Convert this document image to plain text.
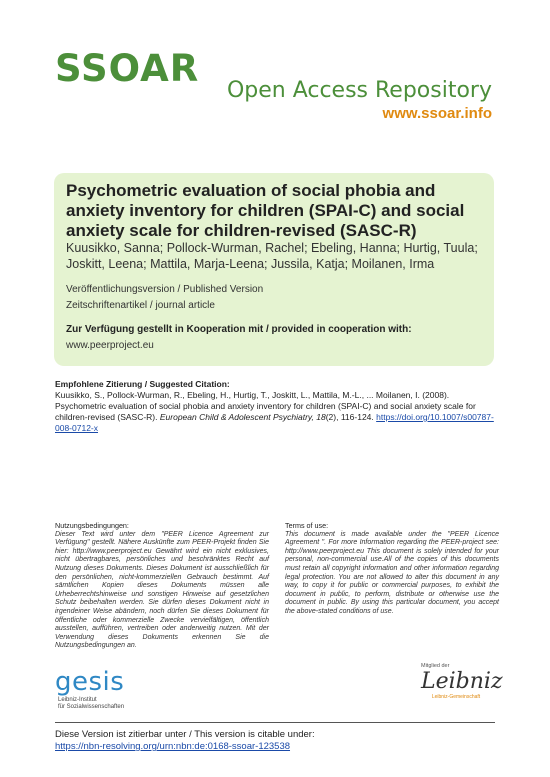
SSOAR
Open Access Repository
www.ssoar.info
Psychometric evaluation of social phobia and anxiety inventory for children (SPAI-C) and social anxiety scale for children-revised (SASC-R)
Kuusikko, Sanna; Pollock-Wurman, Rachel; Ebeling, Hanna; Hurtig, Tuula; Joskitt, Leena; Mattila, Marja-Leena; Jussila, Katja; Moilanen, Irma
Veröffentlichungsversion / Published Version
Zeitschriftenartikel / journal article
Zur Verfügung gestellt in Kooperation mit / provided in cooperation with:
www.peerproject.eu
Empfohlene Zitierung / Suggested Citation:
Kuusikko, S., Pollock-Wurman, R., Ebeling, H., Hurtig, T., Joskitt, L., Mattila, M.-L., ... Moilanen, I. (2008). Psychometric evaluation of social phobia and anxiety inventory for children (SPAI-C) and social anxiety scale for children-revised (SASC-R). European Child & Adolescent Psychiatry, 18(2), 116-124. https://doi.org/10.1007/s00787-008-0712-x
Nutzungsbedingungen:
Dieser Text wird unter dem "PEER Licence Agreement zur Verfügung" gestellt. Nähere Auskünfte zum PEER-Projekt finden Sie hier: http://www.peerproject.eu Gewährt wird ein nicht exklusives, nicht übertragbares, persönliches und beschränktes Recht auf Nutzung dieses Dokuments. Dieses Dokument ist ausschließlich für den persönlichen, nicht-kommerziellen Gebrauch bestimmt. Auf sämtlichen Kopien dieses Dokuments müssen alle Urheberrechtshinweise und sonstigen Hinweise auf gesetzlichen Schutz beibehalten werden. Sie dürfen dieses Dokument nicht in irgendeiner Weise abändern, noch dürfen Sie dieses Dokument für öffentliche oder kommerzielle Zwecke vervielfältigen, öffentlich ausstellen, aufführen, vertreiben oder anderweitig nutzen. Mit der Verwendung dieses Dokuments erkennen Sie die Nutzungsbedingungen an.
Terms of use:
This document is made available under the "PEER Licence Agreement ". For more Information regarding the PEER-project see: http://www.peerproject.eu This document is solely intended for your personal, non-commercial use.All of the copies of this documents must retain all copyright information and other information regarding legal protection. You are not allowed to alter this document in any way, to copy it for public or commercial purposes, to exhibit the document in public, to perform, distribute or otherwise use the document in public. By using this particular document, you accept the above-stated conditions of use.
gesis
Leibniz-Institut
für Sozialwissenschaften
Mitglied der
Leibniz
Leibniz-Gemeinschaft
Diese Version ist zitierbar unter / This version is citable under:
https://nbn-resolving.org/urn:nbn:de:0168-ssoar-123538
